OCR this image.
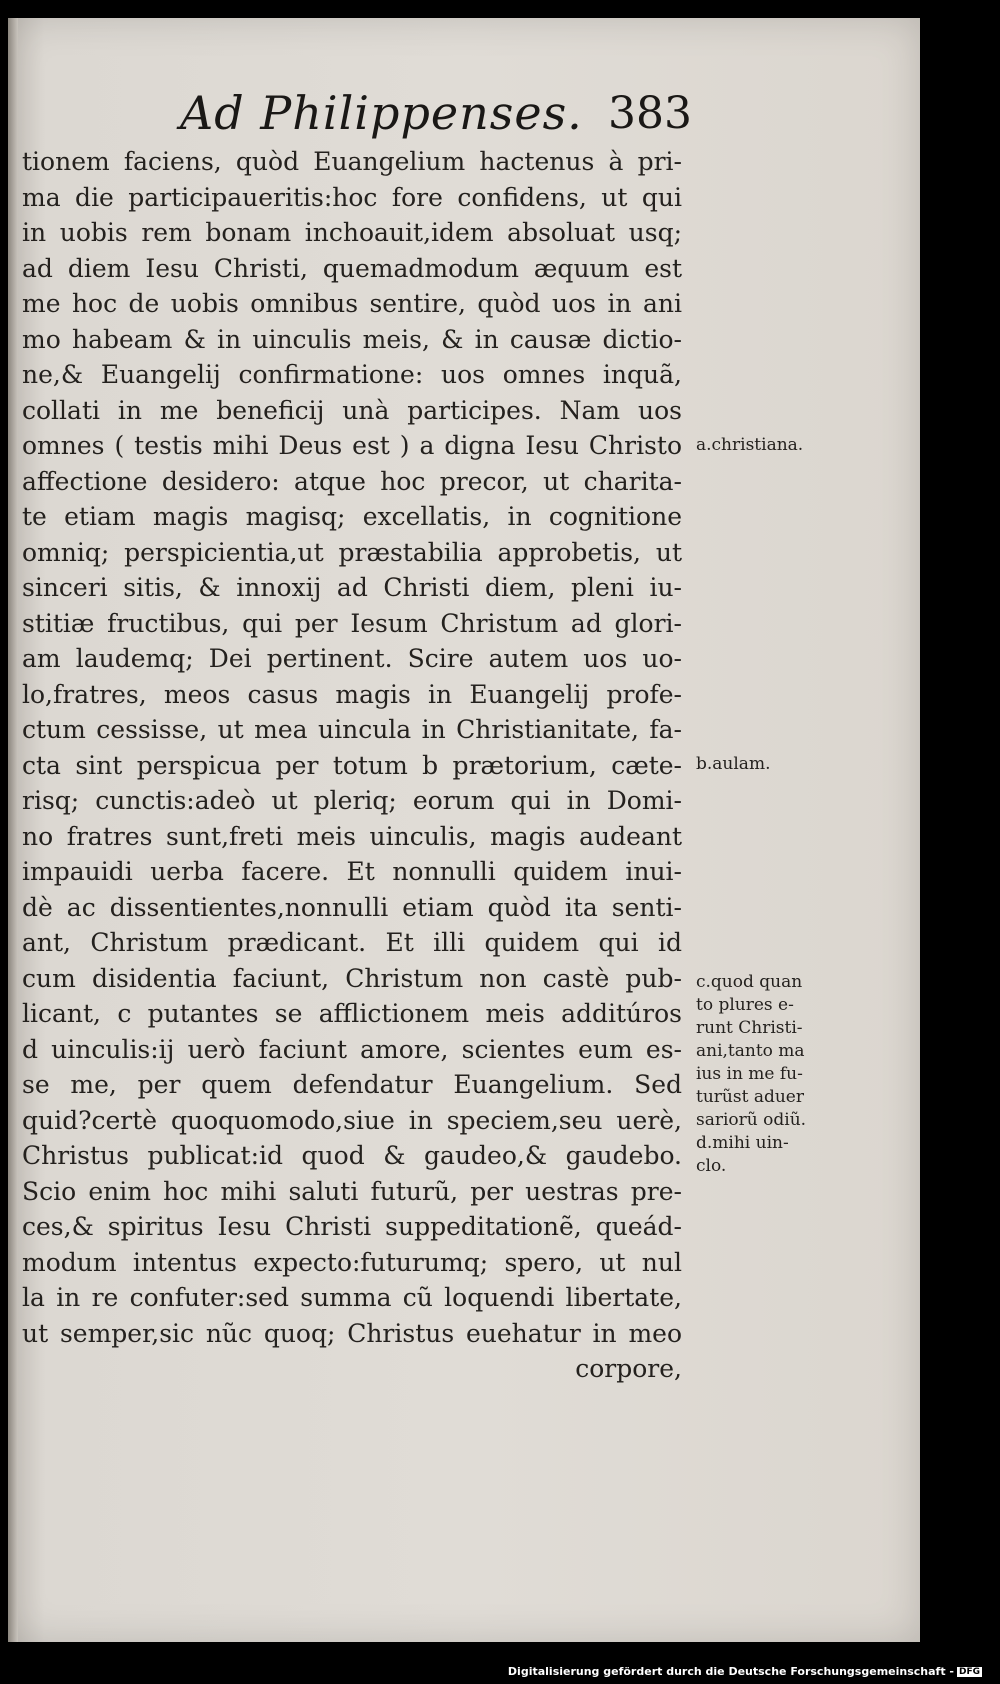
Ad Philippenses. 383
tionem faciens, quòd Euangelium hactenus à pri-
ma die participaueritis:hoc fore confidens, ut qui
in uobis rem bonam inchoauit,idem absoluat usq;
ad diem Iesu Christi, quemadmodum æquum est
me hoc de uobis omnibus sentire, quòd uos in ani
mo habeam & in uinculis meis, & in causæ dictio-
ne,& Euangelij confirmatione: uos omnes inquã,
collati in me beneficij unà participes. Nam uos
omnes ( testis mihi Deus est ) a digna Iesu Christo
affectione desidero: atque hoc precor, ut charita-
te etiam magis magisq; excellatis, in cognitione
omniq; perspicientia,ut præstabilia approbetis, ut
sinceri sitis, & innoxij ad Christi diem, pleni iu-
stitiæ fructibus, qui per Iesum Christum ad glori-
am laudemq; Dei pertinent. Scire autem uos uo-
lo,fratres, meos casus magis in Euangelij profe-
ctum cessisse, ut mea uincula in Christianitate, fa-
cta sint perspicua per totum b prætorium, cæte-
risq; cunctis:adeò ut pleriq; eorum qui in Domi-
no fratres sunt,freti meis uinculis, magis audeant
impauidi uerba facere. Et nonnulli quidem inui-
dè ac dissentientes,nonnulli etiam quòd ita senti-
ant, Christum prædicant. Et illi quidem qui id
cum disidentia faciunt, Christum non castè pub-
licant, c putantes se afflictionem meis additúros
d uinculis:ij uerò faciunt amore, scientes eum es-
se me, per quem defendatur Euangelium. Sed
quid?certè quoquomodo,siue in speciem,seu uerè,
Christus publicat:id quod & gaudeo,& gaudebo.
Scio enim hoc mihi saluti futurũ, per uestras pre-
ces,& spiritus Iesu Christi suppeditationẽ, queád-
modum intentus expecto:futurumq; spero, ut nul
la in re confuter:sed summa cũ loquendi libertate,
ut semper,sic nũc quoq; Christus euehatur in meo
corpore,
a.christiana.
b.aulam.
c.quod quan
to plures e-
runt Christi-
ani,tanto ma
ius in me fu-
turũst aduer
sariorũ odiũ.
d.mihi uin-
clo.
Digitalisierung gefördert durch die Deutsche Forschungsgemeinschaft - DFG
